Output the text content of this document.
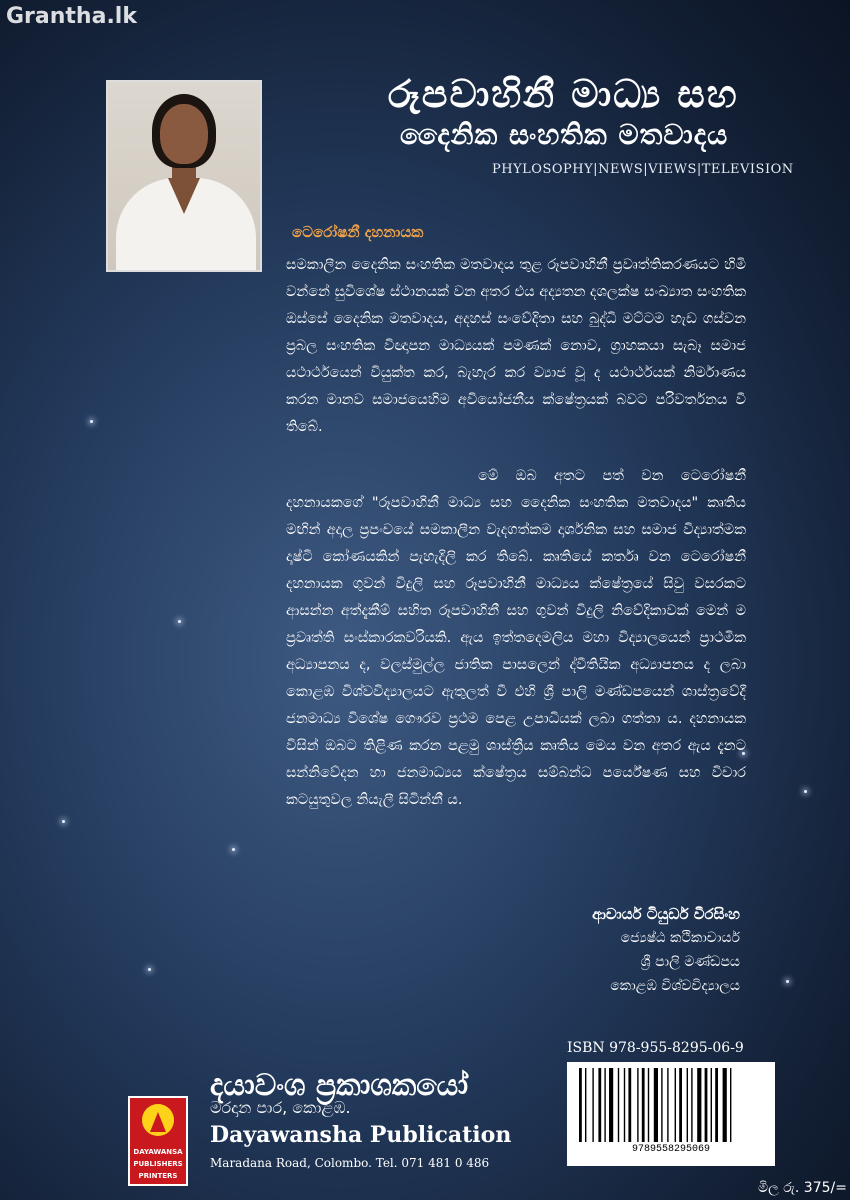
Grantha.lk
රූපවාහිනී මාධ්‍ය සහ
දෛනික සංහතික මතවාදය
PHYLOSOPHY|NEWS|VIEWS|TELEVISION
ටෙරෝෂනී දහනායක

සමකාලීන දෛනික සංහතික මතවාදය තුළ රූපවාහිනී ප්‍රවෘත්තිකරණයට හිමි වන්නේ සුවිශේෂ ස්ථානයක් වන අතර එය අද්‍යතන දශලක්ෂ සංඛ්‍යාත සංහතික ඔස්සේ දෛනික මතවාදය, අදහස් සංවේදිතා සහ බුද්ධි මට්ටම හැඩ ගස්වන ප්‍රබල සංහතික විඥාපන මාධ්‍යයක් පමණක් නොව, ග්‍රාහකයා සැබෑ සමාජ යථාර්ථයෙන් වියුක්ත කර, බැහැර කර ව්‍යාජ වූ ද යථාර්ථයක් නිර්මාණය කරන මානව සමාජයෙහිම අවියෝජනීය ක්ෂේත්‍රයක් බවට පරිවර්තනය වී තිබේ.

මේ ඔබ අතට පත් වන ටෙරෝෂනී දහනායකගේ "රූපවාහිනී මාධ්‍ය සහ දෛනික සංහතික මතවාදය" කෘතිය මඟින් අදාල ප්‍රපංචයේ සමකාලීන වැදගත්කම දාර්ශනික සහ සමාජ විද්‍යාත්මක දෘෂ්ටි කෝණයකින් පැහැදිලි කර තිබේ. කෘතියේ කර්තෘ වන ටෙරෝෂනී දහනායක ගුවන් විදුලි සහ රූපවාහිනී මාධ්‍යය ක්ෂේත්‍රයේ සිවු වසරකට ආසන්න අත්දැකීම් සහිත රූපවාහිනී සහ ගුවන් විදුලි නිවේදිකාවක් මෙන් ම ප්‍රවෘත්ති සංස්කාරකවරියකි. ඇය ඉත්තදෙමලිය මහා විද්‍යාලයෙන් ප්‍රාථමික අධ්‍යාපනය ද, වලස්මුල්ල ජාතික පාසලෙන් ද්වීතියික අධ්‍යාපනය ද ලබා කොළඹ විශ්වවිද්‍යාලයට ඇතුලත් වී එහි ශ්‍රී පාලි මණ්ඩපයෙන් ශාස්ත්‍රවේදී ජනමාධ්‍ය විශේෂ ගෞරව ප්‍රථම පෙළ උපාධියක් ලබා ගත්තා ය. දහනායක විසින් ඔබට තිළිණ කරන පළමු ශාස්ත්‍රීය කෘතිය මෙය වන අතර ඇය දැනට සන්නිවේදන හා ජනමාධ්‍යය ක්ෂේත්‍රය සම්බන්ධ පර්යේෂණ සහ විචාර කටයුතුවල නියැලී සිටින්නී ය.

ආචාර්ය ටියුඩර් වීරසිංහ
ජ්‍යෙෂ්ඨ කථිකාචාර්ය
ශ්‍රී පාලි මණ්ඩපය
කොළඹ විශ්වවිද්‍යාලය
ISBN 978-955-8295-06-9
9789558295069
DAYAWANSA
PUBLISHERS
PRINTERS
දයාවංශ ප්‍රකාශකයෝ
මරදාන පාර, කොළඹ.
Dayawansha Publication
Maradana Road, Colombo. Tel. 071 481 0 486
මිල රු. 375/=
